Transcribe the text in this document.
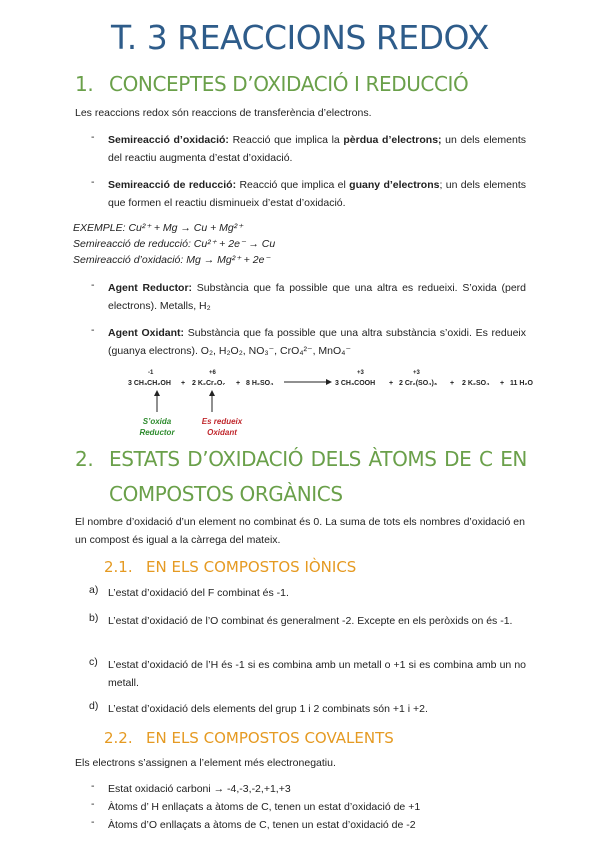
T. 3 REACCIONS REDOX
1. CONCEPTES D’OXIDACIÓ I REDUCCIÓ
Les reaccions redox són reaccions de transferència d’electrons.
-	Semireacció d’oxidació: Reacció que implica la pèrdua d’electrons; un dels elements del reactiu augmenta d’estat d’oxidació.
-	Semireacció de reducció: Reacció que implica el guany d’electrons; un dels elements que formen el reactiu disminueix d’estat d’oxidació.
EXEMPLE: Cu²⁺ + Mg → Cu + Mg²⁺
Semireacció de reducció: Cu²⁺ + 2e⁻ → Cu
Semireacció d’oxidació: Mg → Mg²⁺ + 2e⁻
-	Agent Reductor: Substància que fa possible que una altra es redueixi. S’oxida (perd electrons). Metalls, H₂
-	Agent Oxidant: Substància que fa possible que una altra substància s’oxidi. Es redueix (guanya electrons). O₂, H₂O₂, NO₃⁻, CrO₄²⁻, MnO₄⁻
-1	+6	+3	+3
3 CH₃CH₂OH + 2 K₂Cr₂O₇ + 8 H₂SO₄	3 CH₃COOH + 2 Cr₂(SO₄)₃ + 2 K₂SO₄ + 11 H₂O
S’oxida
Reductor
Es redueix
Oxidant
2. ESTATS D’OXIDACIÓ DELS ÀTOMS DE C EN
COMPOSTOS ORGÀNICS
El nombre d’oxidació d’un element no combinat és 0. La suma de tots els nombres d’oxidació en un compost és igual a la càrrega del mateix.
2.1. EN ELS COMPOSTOS IÒNICS
a) L’estat d’oxidació del F combinat és -1.
b) L’estat d’oxidació de l’O combinat és generalment -2. Excepte en els peròxids on és -1.
c) L’estat d’oxidació de l’H és -1 si es combina amb un metall o +1 si es combina amb un no metall.
d) L’estat d’oxidació dels elements del grup 1 i 2 combinats són +1 i +2.
2.2. EN ELS COMPOSTOS COVALENTS
Els electrons s’assignen a l’element més electronegatiu.
-	Estat oxidació carboni → -4,-3,-2,+1,+3
-	Àtoms d’ H enllaçats a àtoms de C, tenen un estat d’oxidació de +1
-	Àtoms d’O enllaçats a àtoms de C, tenen un estat d’oxidació de -2
